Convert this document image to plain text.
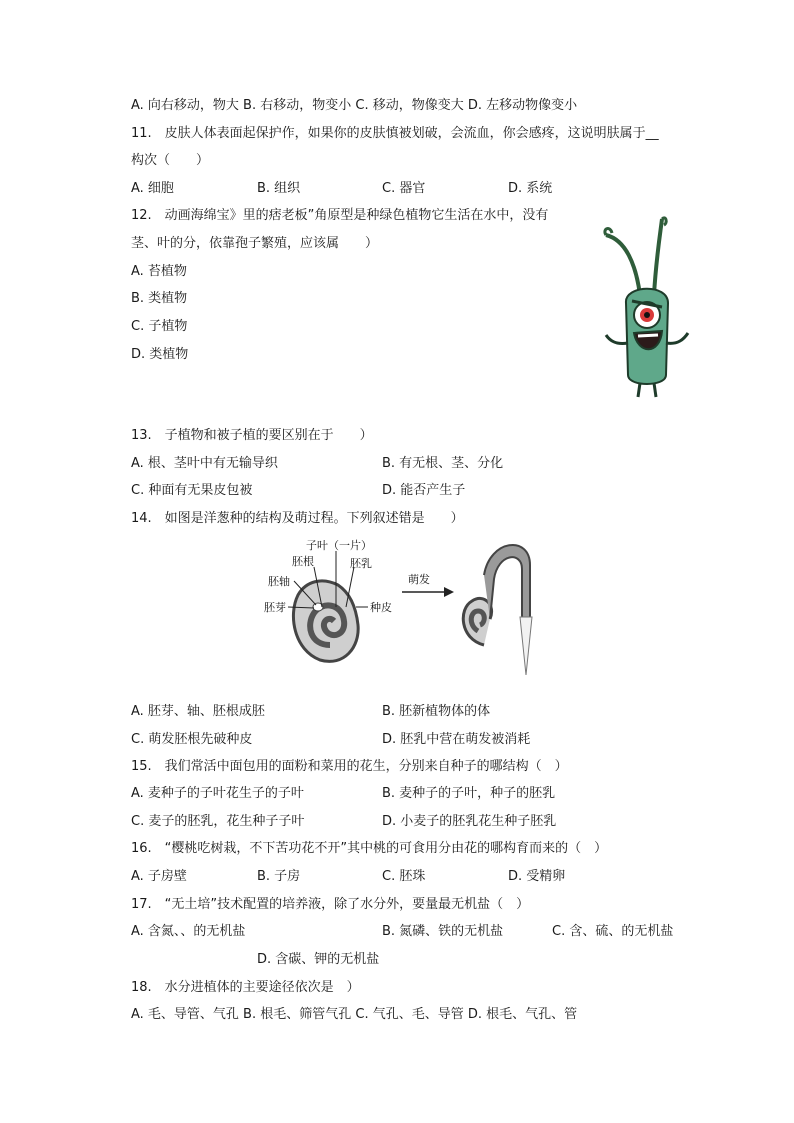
A. 向右移动，物大 B. 右移动，物变小 C. 移动，物像变大 D. 左移动物像变小
11.　皮肤人体表面起保护作，如果你的皮肤慎被划破，会流血，你会感疼，这说明肤属于__
构次（　　）
A. 细胞	B. 组织	C. 器官	D. 系统
12.　动画海绵宝》里的痞老板”角原型是种绿色植物它生活在水中，没有
茎、叶的分，依靠孢子繁殖，应该属　　）
A. 苔植物
B. 类植物
C. 子植物
D. 类植物
13.　子植物和被子植的要区别在于　　）
A. 根、茎叶中有无输导织	B. 有无根、茎、分化
C. 种面有无果皮包被	D. 能否产生子
14.　如图是洋葱种的结构及萌过程。下列叙述错是　　）
子叶（一片）
胚根	胚乳
胚轴
胚芽	种皮
萌发
A. 胚芽、轴、胚根成胚	B. 胚新植物体的体
C. 萌发胚根先破种皮	D. 胚乳中营在萌发被消耗
15.　我们常活中面包用的面粉和菜用的花生，分别来自种子的哪结构（　）
A. 麦种子的子叶花生子的子叶	B. 麦种子的子叶，种子的胚乳
C. 麦子的胚乳，花生种子子叶	D. 小麦子的胚乳花生种子胚乳
16.　“樱桃吃树栽，不下苦功花不开”其中桃的可食用分由花的哪构育而来的（　）
A. 子房壁	B. 子房	C. 胚珠	D. 受精卵
17.　“无土培”技术配置的培养液，除了水分外，要量最无机盐（　）
A. 含氮、、的无机盐	B. 氮磷、铁的无机盐	C. 含、硫、的无机盐
D. 含碳、钾的无机盐
18.　水分进植体的主要途径依次是　）
A. 毛、导管、气孔 B. 根毛、筛管气孔 C. 气孔、毛、导管 D. 根毛、气孔、管
